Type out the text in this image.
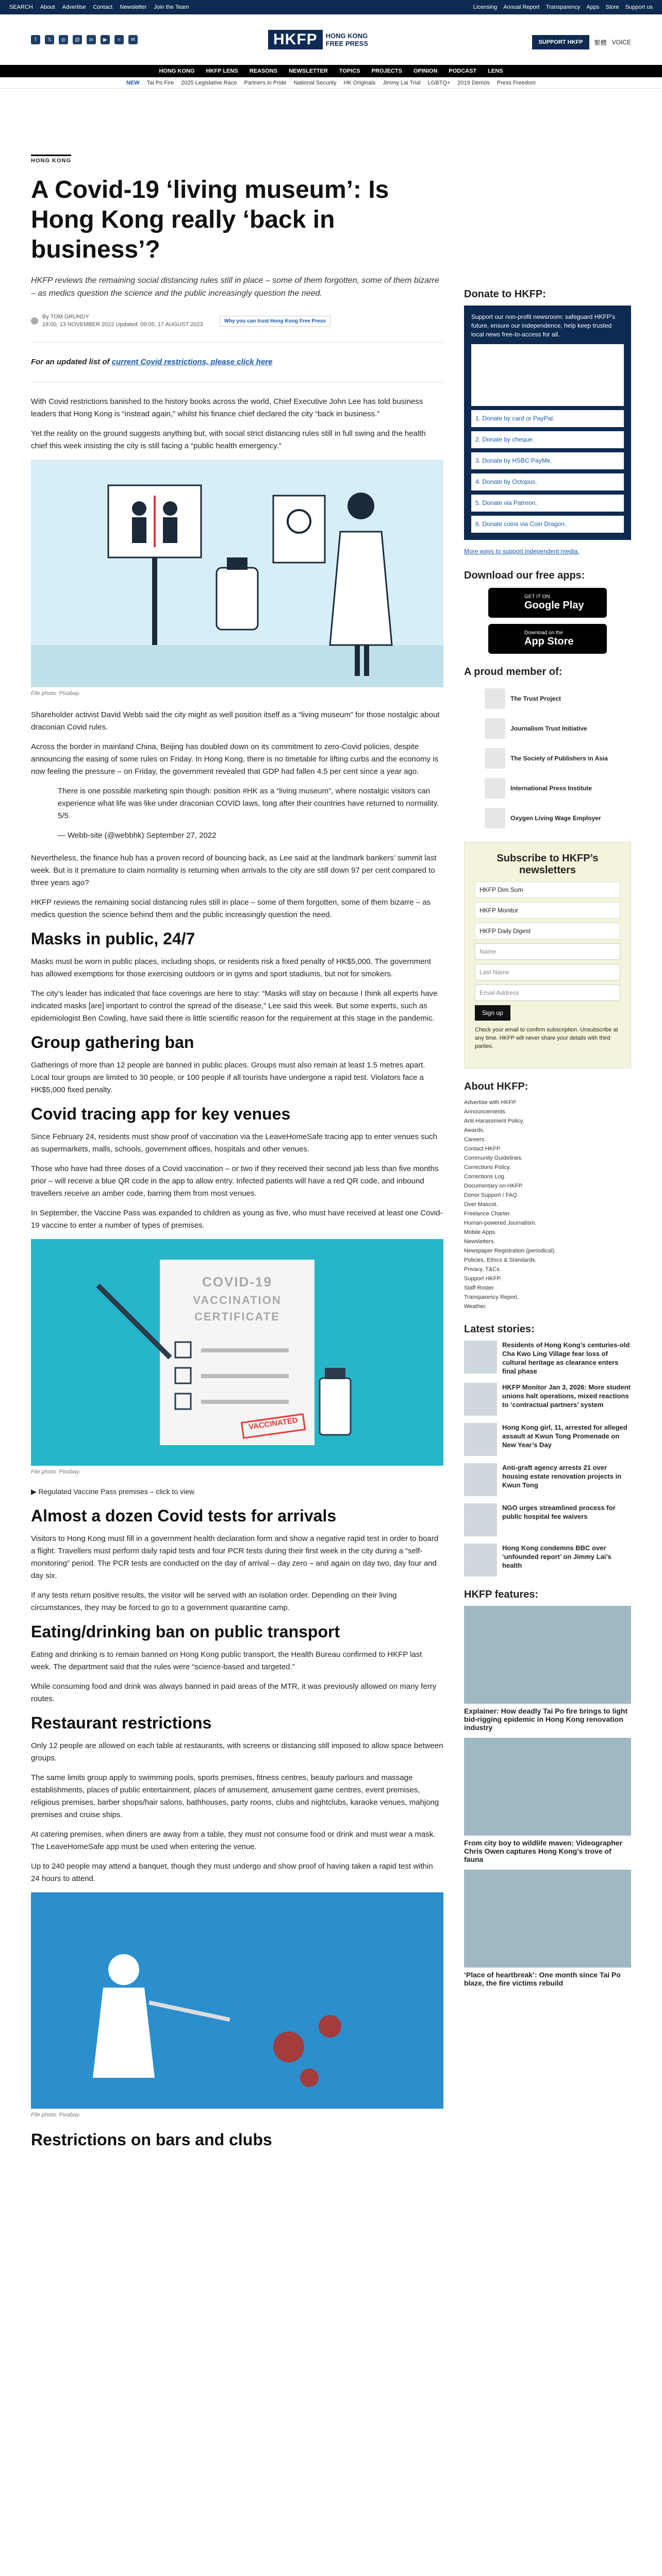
SEARCH About Advertise Contact Newsletter Join the Team	Licensing Annual Report Transparency Apps Store Support us
f	𝕏	◎	@	in	▶	≈	✉	HKFP	HONG KONG
FREE PRESS	SUPPORT HKFP	繁體 VOICE
HONG KONG HKFP LENS REASONS NEWSLETTER TOPICS PROJECTS OPINION PODCAST LENS
NEW Tai Po Fire 2025 Legislative Race Partners in Pride National Security HK Originals Jimmy Lai Trial LGBTQ+ 2019 Demos Press Freedom
HONG KONG
A Covid-19 ‘living museum’: Is Hong Kong really ‘back in business’?
HKFP reviews the remaining social distancing rules still in place – some of them forgotten, some of them bizarre – as medics question the science and the public increasingly question the need.
By TOM GRUNDY
18:00, 13 NOVEMBER 2022 Updated: 09:05, 17 AUGUST 2023
Why you can trust Hong Kong Free Press

For an updated list of current Covid restrictions, please click here

With Covid restrictions banished to the history books across the world, Chief Executive John Lee has told business leaders that Hong Kong is “instead again,” whilst his finance chief declared the city “back in business.”

Yet the reality on the ground suggests anything but, with social strict distancing rules still in full swing and the health chief this week insisting the city is still facing a “public health emergency.”

File photo: Pixabay.

Shareholder activist David Webb said the city might as well position itself as a “living museum” for those nostalgic about draconian Covid rules.

Across the border in mainland China, Beijing has doubled down on its commitment to zero-Covid policies, despite announcing the easing of some rules on Friday. In Hong Kong, there is no timetable for lifting curbs and the economy is now feeling the pressure – on Friday, the government revealed that GDP had fallen 4.5 per cent since a year ago.

There is one possible marketing spin though: position #HK as a “living museum”, where nostalgic visitors can experience what life was like under draconian COVID laws, long after their countries have returned to normality. 5/5

— Webb-site (@webbhk) September 27, 2022

Nevertheless, the finance hub has a proven record of bouncing back, as Lee said at the landmark bankers’ summit last week. But is it premature to claim normality is returning when arrivals to the city are still down 97 per cent compared to three years ago?

HKFP reviews the remaining social distancing rules still in place – some of them forgotten, some of them bizarre – as medics question the science behind them and the public increasingly question the need.

Masks in public, 24/7

Masks must be worn in public places, including shops, or residents risk a fixed penalty of HK$5,000. The government has allowed exemptions for those exercising outdoors or in gyms and sport stadiums, but not for smokers.

The city’s leader has indicated that face coverings are here to stay: “Masks will stay on because I think all experts have indicated masks [are] important to control the spread of the disease,” Lee said this week. But some experts, such as epidemiologist Ben Cowling, have said there is little scientific reason for the requirement at this stage in the pandemic.

Group gathering ban

Gatherings of more than 12 people are banned in public places. Groups must also remain at least 1.5 metres apart. Local tour groups are limited to 30 people, or 100 people if all tourists have undergone a rapid test. Violators face a HK$5,000 fixed penalty.

Covid tracing app for key venues

Since February 24, residents must show proof of vaccination via the LeaveHomeSafe tracing app to enter venues such as supermarkets, malls, schools, government offices, hospitals and other venues.

Those who have had three doses of a Covid vaccination – or two if they received their second jab less than five months prior – will receive a blue QR code in the app to allow entry. Infected patients will have a red QR code, and inbound travellers receive an amber code, barring them from most venues.

In September, the Vaccine Pass was expanded to children as young as five, who must have received at least one Covid-19 vaccine to enter a number of types of premises.

COVID-19
VACCINATION
CERTIFICATE
VACCINATED
File photo: Pixabay.
▶ Regulated Vaccine Pass premises – click to view
Almost a dozen Covid tests for arrivals

Visitors to Hong Kong must fill in a government health declaration form and show a negative rapid test in order to board a flight. Travellers must perform daily rapid tests and four PCR tests during their first week in the city during a “self-monitoring” period. The PCR tests are conducted on the day of arrival – day zero – and again on day two, day four and day six.

If any tests return positive results, the visitor will be served with an isolation order. Depending on their living circumstances, they may be forced to go to a government quarantine camp.

Eating/drinking ban on public transport

Eating and drinking is to remain banned on Hong Kong public transport, the Health Bureau confirmed to HKFP last week. The department said that the rules were “science-based and targeted.”

While consuming food and drink was always banned in paid areas of the MTR, it was previously allowed on many ferry routes.

Restaurant restrictions

Only 12 people are allowed on each table at restaurants, with screens or distancing still imposed to allow space between groups.

The same limits group apply to swimming pools, sports premises, fitness centres, beauty parlours and massage establishments, places of public entertainment, places of amusement, amusement game centres, event premises, religious premises, barber shops/hair salons, bathhouses, party rooms, clubs and nightclubs, karaoke venues, mahjong premises and cruise ships.

At catering premises, when diners are away from a table, they must not consume food or drink and must wear a mask. The LeaveHomeSafe app must be used when entering the venue.

Up to 240 people may attend a banquet, though they must undergo and show proof of having taken a rapid test within 24 hours to attend.

File photo: Pixabay.
Restrictions on bars and clubs
Donate to HKFP:
Support our non-profit newsroom: safeguard HKFP’s future, ensure our independence, help keep trusted local news free-to-access for all.
1. Donate by card or PayPal.
2. Donate by cheque.
3. Donate by HSBC PayMe.
4. Donate by Octopus.
5. Donate via Patreon.
6. Donate coins via Coin Dragon.

More ways to support independent media.

Download our free apps:
GET IT ON
Google Play
Download on the
App Store
A proud member of:
The Trust Project
Journalism Trust Initiative
The Society of Publishers in Asia
International Press Institute
Oxygen Living Wage Employer
Subscribe to HKFP’s newsletters
HKFP Dim Sum
HKFP Monitor
HKFP Daily Digest
Name
Last Name
Email Address
Sign up

Check your email to confirm subscription. Unsubscribe at any time. HKFP will never share your details with third parties.

About HKFP:
Advertise with HKFP.
Announcements.
Anti-Harassment Policy.
Awards.
Careers.
Contact HKFP.
Community Guidelines.
Corrections Policy.
Corrections Log.
Documentary on HKFP.
Donor Support / FAQ.
Over Mascot.
Freelance Charter.
Human-powered Journalism.
Mobile Apps.
Newsletters.
Newspaper Registration (periodical).
Policies, Ethics & Standards.
Privacy, T&Cs.
Support HKFP.
Staff Roster.
Transparency Report.
Weather.
Latest stories:
Residents of Hong Kong’s centuries-old Cha Kwo Ling Village fear loss of cultural heritage as clearance enters final phase
HKFP Monitor Jan 3, 2026: More student unions halt operations, mixed reactions to ‘contractual partners’ system
Hong Kong girl, 11, arrested for alleged assault at Kwun Tong Promenade on New Year’s Day
Anti-graft agency arrests 21 over housing estate renovation projects in Kwun Tong
NGO urges streamlined process for public hospital fee waivers
Hong Kong condemns BBC over ‘unfounded report’ on Jimmy Lai’s health
HKFP features:
Explainer: How deadly Tai Po fire brings to light bid-rigging epidemic in Hong Kong renovation industry
From city boy to wildlife maven: Videographer Chris Owen captures Hong Kong’s trove of fauna
‘Place of heartbreak’: One month since Tai Po blaze, the fire victims rebuild
